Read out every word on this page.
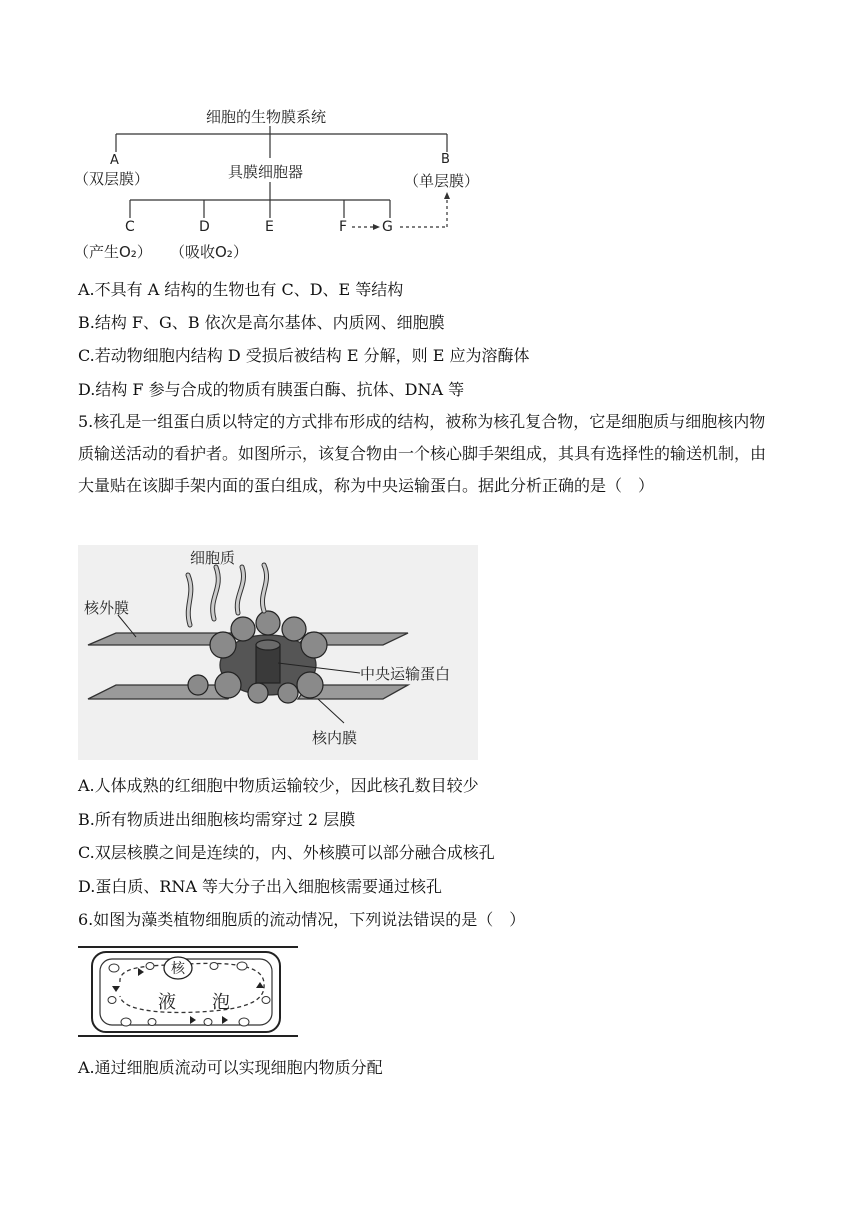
细胞的生物膜系统
A
（双层膜）	具膜细胞器
B
（单层膜）
C	D	E	F G
（产生O₂） （吸收O₂）
A.不具有 A 结构的生物也有 C、D、E 等结构
B.结构 F、G、B 依次是高尔基体、内质网、细胞膜
C.若动物细胞内结构 D 受损后被结构 E 分解，则 E 应为溶酶体
D.结构 F 参与合成的物质有胰蛋白酶、抗体、DNA 等
5.核孔是一组蛋白质以特定的方式排布形成的结构，被称为核孔复合物，它是细胞质与细胞核内物质输送活动的看护者。如图所示，该复合物由一个核心脚手架组成，其具有选择性的输送机制，由大量贴在该脚手架内面的蛋白组成，称为中央运输蛋白。据此分析正确的是（　）
细胞质
核外膜
中央运输蛋白
核内膜
A.人体成熟的红细胞中物质运输较少，因此核孔数目较少
B.所有物质进出细胞核均需穿过 2 层膜
C.双层核膜之间是连续的，内、外核膜可以部分融合成核孔
D.蛋白质、RNA 等大分子出入细胞核需要通过核孔
6.如图为藻类植物细胞质的流动情况，下列说法错误的是（　）
核
液 泡
A.通过细胞质流动可以实现细胞内物质分配
